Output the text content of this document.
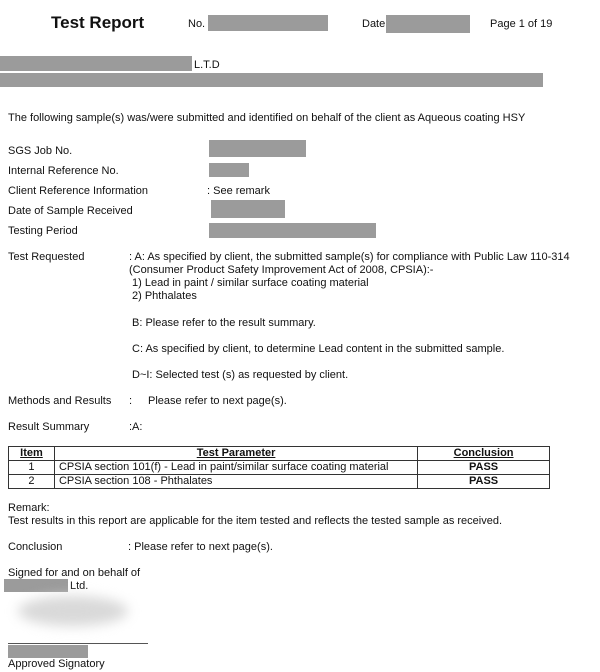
Test Report	No.	Date	Page 1 of 19
L.T.D
The following sample(s) was/were submitted and identified on behalf of the client as Aqueous coating HSY
SGS Job No.
Internal Reference No.
Client Reference Information	: See remark
Date of Sample Received
Testing Period
Test Requested	: A: As specified by client, the submitted sample(s) for compliance with Public Law 110-314
(Consumer Product Safety Improvement Act of 2008, CPSIA):-
1) Lead in paint / similar surface coating material
2) Phthalates
B: Please refer to the result summary.
C: As specified by client, to determine Lead content in the submitted sample.
D~I: Selected test (s) as requested by client.
Methods and Results : Please refer to next page(s).
Result Summary	:A:
Item	Test Parameter	Conclusion
1	CPSIA section 101(f) - Lead in paint/similar surface coating material	PASS
2	CPSIA section 108 - Phthalates	PASS
Remark:
Test results in this report are applicable for the item tested and reflects the tested sample as received.
Conclusion	: Please refer to next page(s).
Signed for and on behalf of
Ltd.
Approved Signatory
